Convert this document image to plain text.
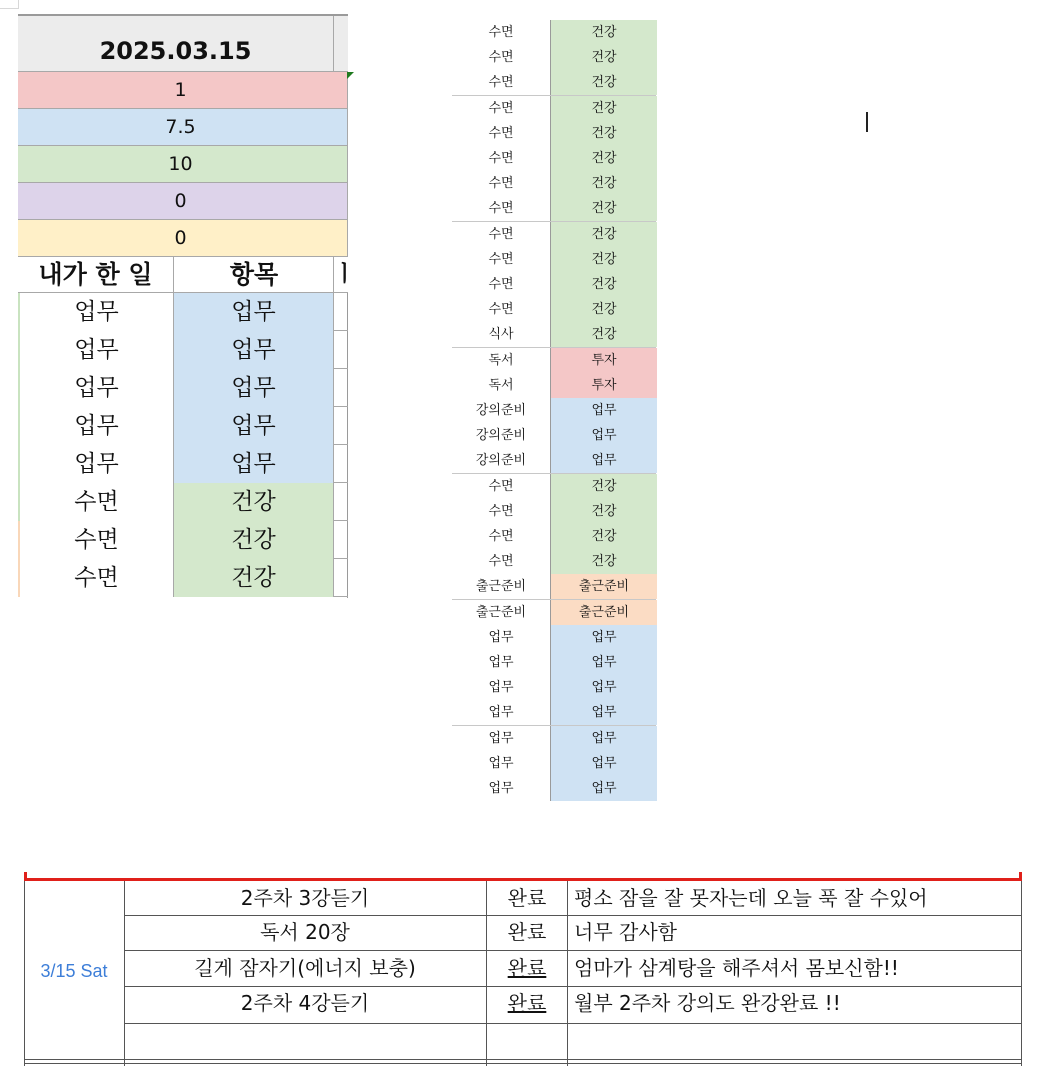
2025.03.15
1
7.5
10
0
0
내가 한 일	항목	ㅣ
업무	업무
업무	업무
업무	업무
업무	업무
업무	업무
수면	건강
수면	건강
수면	건강
수면	건강
수면	건강
수면	건강
수면	건강
수면	건강
수면	건강
수면	건강
수면	건강
수면	건강
수면	건강
수면	건강
수면	건강
식사	건강
독서	투자
독서	투자
강의준비	업무
강의준비	업무
강의준비	업무
수면	건강
수면	건강
수면	건강
수면	건강
출근준비	출근준비
출근준비	출근준비
업무	업무
업무	업무
업무	업무
업무	업무
업무	업무
업무	업무
업무	업무
3/15 Sat
2주차 3강듣기	완료	평소 잠을 잘 못자는데 오늘 푹 잘 수있어
독서 20장	완료	너무 감사함
길게 잠자기(에너지 보충)	완료	엄마가 삼계탕을 해주셔서 몸보신함!!
2주차 4강듣기	완료	월부 2주차 강의도 완강완료 !!
